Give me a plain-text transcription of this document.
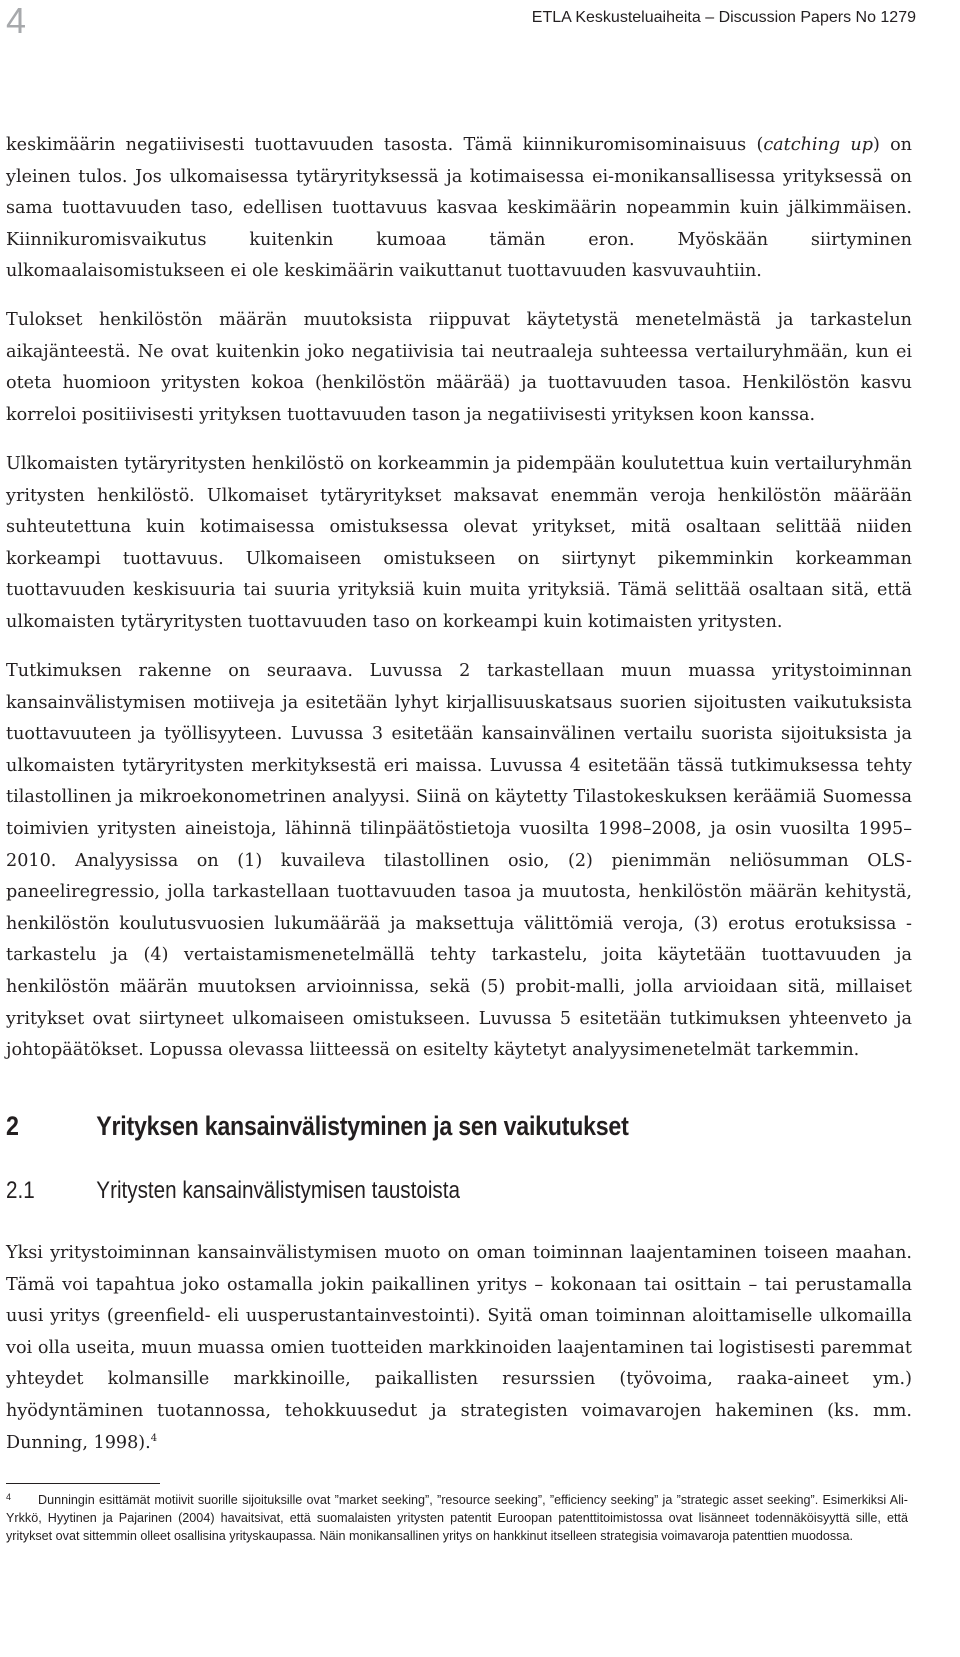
4	ETLA Keskusteluaiheita – Discussion Papers No 1279

keskimäärin negatiivisesti tuottavuuden tasosta. Tämä kiinnikuromisominaisuus (catching up) on yleinen tulos. Jos ulkomaisessa tytäryrityksessä ja kotimaisessa ei-monikansallisessa yrityksessä on sama tuottavuuden taso, edellisen tuottavuus kasvaa keskimäärin nopeammin kuin jälkimmäisen. Kiinnikuromisvaikutus kuitenkin kumoaa tämän eron. Myöskään siirtyminen ulkomaalaisomistukseen ei ole keskimäärin vaikuttanut tuottavuuden kasvuvauhtiin.

Tulokset henkilöstön määrän muutoksista riippuvat käytetystä menetelmästä ja tarkastelun aikajänteestä. Ne ovat kuitenkin joko negatiivisia tai neutraaleja suhteessa vertailuryhmään, kun ei oteta huomioon yritysten kokoa (henkilöstön määrää) ja tuottavuuden tasoa. Henkilöstön kasvu korreloi positiivisesti yrityksen tuottavuuden tason ja negatiivisesti yrityksen koon kanssa.

Ulkomaisten tytäryritysten henkilöstö on korkeammin ja pidempään koulutettua kuin vertailuryhmän yritysten henkilöstö. Ulkomaiset tytäryritykset maksavat enemmän veroja henkilöstön määrään suhteutettuna kuin kotimaisessa omistuksessa olevat yritykset, mitä osaltaan selittää niiden korkeampi tuottavuus. Ulkomaiseen omistukseen on siirtynyt pikemminkin korkeamman tuottavuuden keskisuuria tai suuria yrityksiä kuin muita yrityksiä. Tämä selittää osaltaan sitä, että ulkomaisten tytäryritysten tuottavuuden taso on korkeampi kuin kotimaisten yritysten.

Tutkimuksen rakenne on seuraava. Luvussa 2 tarkastellaan muun muassa yritystoiminnan kansainvälistymisen motiiveja ja esitetään lyhyt kirjallisuuskatsaus suorien sijoitusten vaikutuksista tuottavuuteen ja työllisyyteen. Luvussa 3 esitetään kansainvälinen vertailu suorista sijoituksista ja ulkomaisten tytäryritysten merkityksestä eri maissa. Luvussa 4 esitetään tässä tutkimuksessa tehty tilastollinen ja mikroekonometrinen analyysi. Siinä on käytetty Tilastokeskuksen keräämiä Suomessa toimivien yritysten aineistoja, lähinnä tilinpäätöstietoja vuosilta 1998–2008, ja osin vuosilta 1995–2010. Analyysissa on (1) kuvaileva tilastollinen osio, (2) pienimmän neliösumman OLS-paneeliregressio, jolla tarkastellaan tuottavuuden tasoa ja muutosta, henkilöstön määrän kehitystä, henkilöstön koulutusvuosien lukumäärää ja maksettuja välittömiä veroja, (3) erotus erotuksissa -tarkastelu ja (4) vertaistamismenetelmällä tehty tarkastelu, joita käytetään tuottavuuden ja henkilöstön määrän muutoksen arvioinnissa, sekä (5) probit-malli, jolla arvioidaan sitä, millaiset yritykset ovat siirtyneet ulkomaiseen omistukseen. Luvussa 5 esitetään tutkimuksen yhteenveto ja johtopäätökset. Lopussa olevassa liitteessä on esitelty käytetyt analyysimenetelmät tarkemmin.

2	Yrityksen kansainvälistyminen ja sen vaikutukset
2.1	Yritysten kansainvälistymisen taustoista

Yksi yritystoiminnan kansainvälistymisen muoto on oman toiminnan laajentaminen toiseen maahan. Tämä voi tapahtua joko ostamalla jokin paikallinen yritys – kokonaan tai osittain – tai perustamalla uusi yritys (greenfield- eli uusperustantainvestointi). Syitä oman toiminnan aloittamiselle ulkomailla voi olla useita, muun muassa omien tuotteiden markkinoiden laajentaminen tai logistisesti paremmat yhteydet kolmansille markkinoille, paikallisten resurssien (työvoima, raaka-aineet ym.) hyödyntäminen tuotannossa, tehokkuusedut ja strategisten voimavarojen hakeminen (ks. mm. Dunning, 1998).$^4$

4 Dunningin esittämät motiivit suorille sijoituksille ovat ”market seeking”, ”resource seeking”, ”efficiency seeking” ja ”strategic asset seeking”. Esimerkiksi Ali-Yrkkö, Hyytinen ja Pajarinen (2004) havaitsivat, että suomalaisten yritysten patentit Euroopan patenttitoimistossa ovat lisänneet todennäköisyyttä sille, että yritykset ovat sittemmin olleet osallisina yrityskaupassa. Näin monikansallinen yritys on hankkinut itselleen strategisia voimavaroja patenttien muodossa.
